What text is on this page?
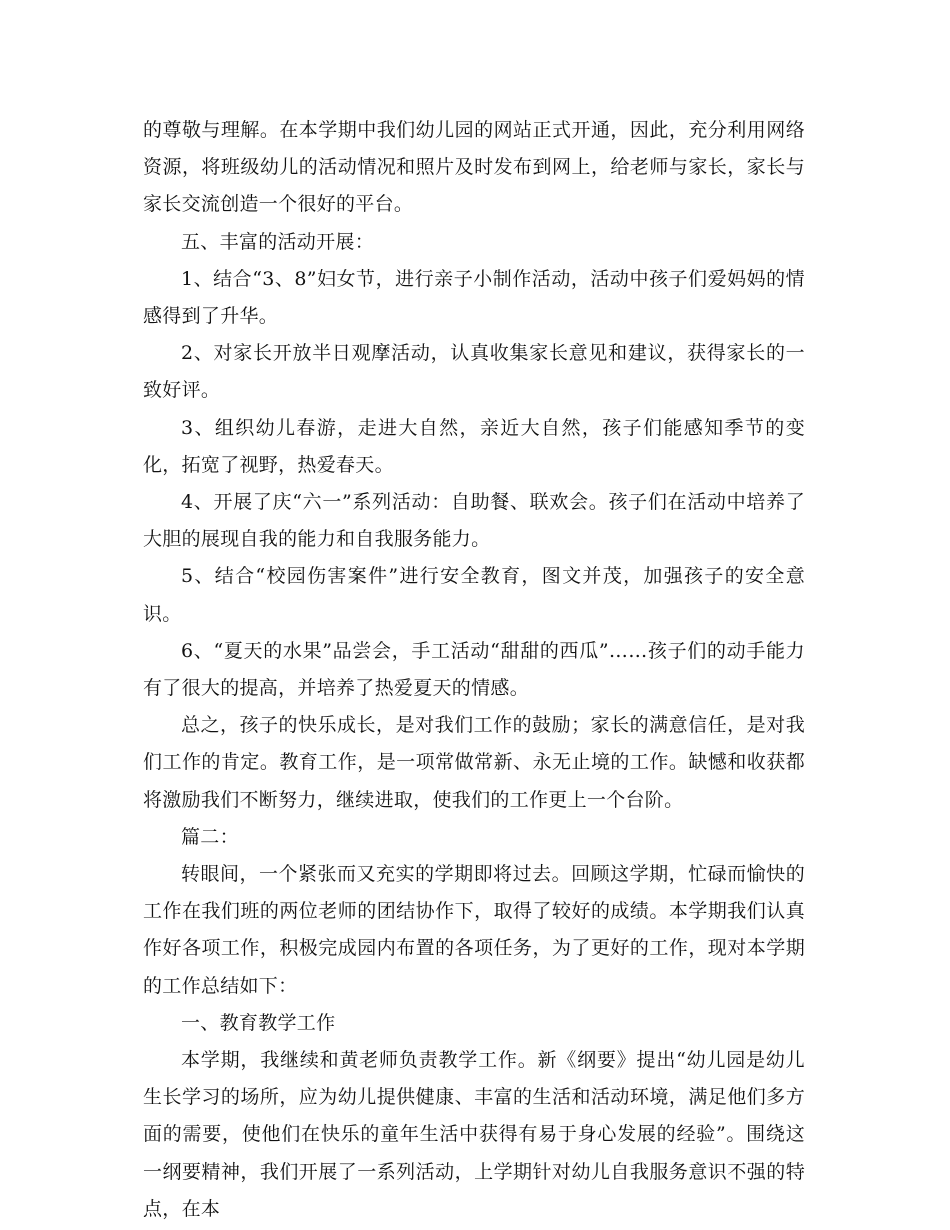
的尊敬与理解。在本学期中我们幼儿园的网站正式开通，因此，充分利用网络资源，将班级幼儿的活动情况和照片及时发布到网上，给老师与家长，家长与家长交流创造一个很好的平台。

五、丰富的活动开展：

1、结合“3、8”妇女节，进行亲子小制作活动，活动中孩子们爱妈妈的情感得到了升华。

2、对家长开放半日观摩活动，认真收集家长意见和建议，获得家长的一致好评。

3、组织幼儿春游，走进大自然，亲近大自然，孩子们能感知季节的变化，拓宽了视野，热爱春天。

4、开展了庆“六一”系列活动：自助餐、联欢会。孩子们在活动中培养了大胆的展现自我的能力和自我服务能力。

5、结合“校园伤害案件”进行安全教育，图文并茂，加强孩子的安全意识。

6、“夏天的水果”品尝会，手工活动“甜甜的西瓜”……孩子们的动手能力有了很大的提高，并培养了热爱夏天的情感。

总之，孩子的快乐成长，是对我们工作的鼓励；家长的满意信任，是对我们工作的肯定。教育工作，是一项常做常新、永无止境的工作。缺憾和收获都将激励我们不断努力，继续进取，使我们的工作更上一个台阶。

篇二：

转眼间，一个紧张而又充实的学期即将过去。回顾这学期，忙碌而愉快的工作在我们班的两位老师的团结协作下，取得了较好的成绩。本学期我们认真作好各项工作，积极完成园内布置的各项任务，为了更好的工作，现对本学期的工作总结如下：

一、教育教学工作

本学期，我继续和黄老师负责教学工作。新《纲要》提出“幼儿园是幼儿生长学习的场所，应为幼儿提供健康、丰富的生活和活动环境，满足他们多方面的需要，使他们在快乐的童年生活中获得有易于身心发展的经验”。围绕这一纲要精神，我们开展了一系列活动，上学期针对幼儿自我服务意识不强的特点，在本
